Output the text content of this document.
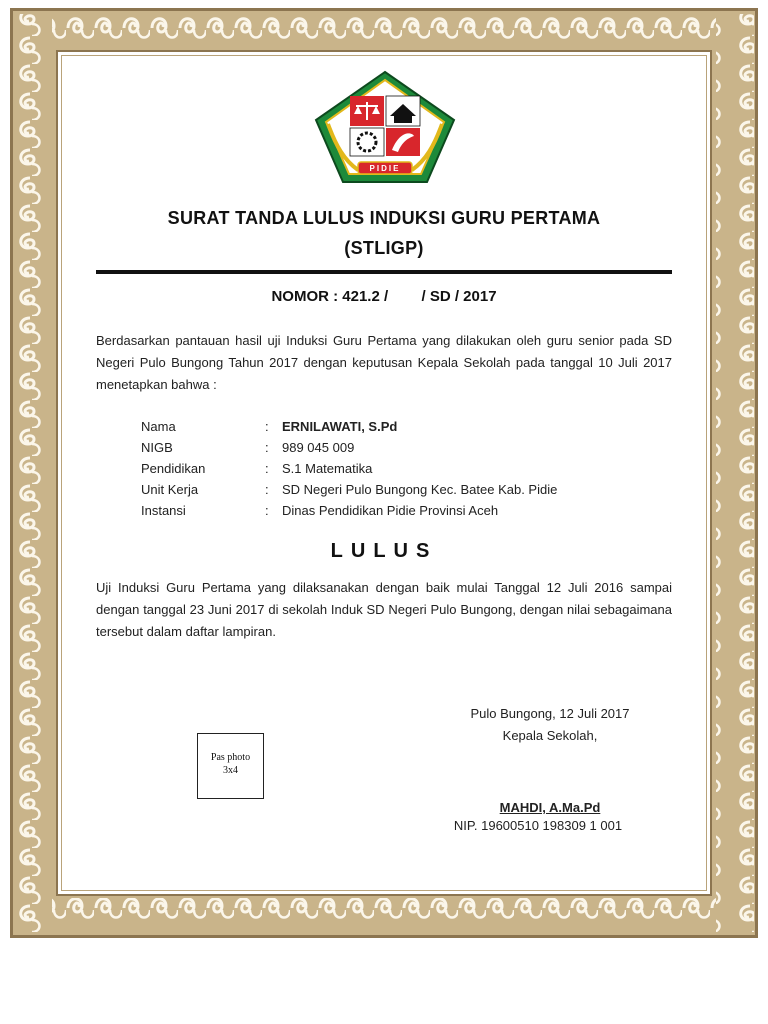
PIDIE
SURAT TANDA LULUS INDUKSI GURU PERTAMA
(STLIGP)
NOMOR : 421.2 /        / SD / 2017
Berdasarkan pantauan hasil uji Induksi Guru Pertama yang dilakukan oleh guru senior pada SD Negeri Pulo Bungong Tahun 2017 dengan keputusan Kepala Sekolah pada tanggal 10 Juli 2017 menetapkan bahwa :
Nama	: ERNILAWATI, S.Pd
NIGB	: 989 045 009
Pendidikan	: S.1 Matematika
Unit Kerja	: SD Negeri Pulo Bungong Kec. Batee Kab. Pidie
Instansi	: Dinas Pendidikan Pidie Provinsi Aceh
LULUS
Uji Induksi Guru Pertama yang dilaksanakan dengan baik mulai Tanggal 12 Juli 2016 sampai dengan tanggal 23 Juni 2017 di sekolah Induk SD Negeri Pulo Bungong, dengan nilai sebagaimana tersebut dalam daftar lampiran.
Pulo Bungong, 12 Juli 2017
Kepala Sekolah,
MAHDI, A.Ma.Pd
NIP. 19600510 198309 1 001
Pas photo
3x4
